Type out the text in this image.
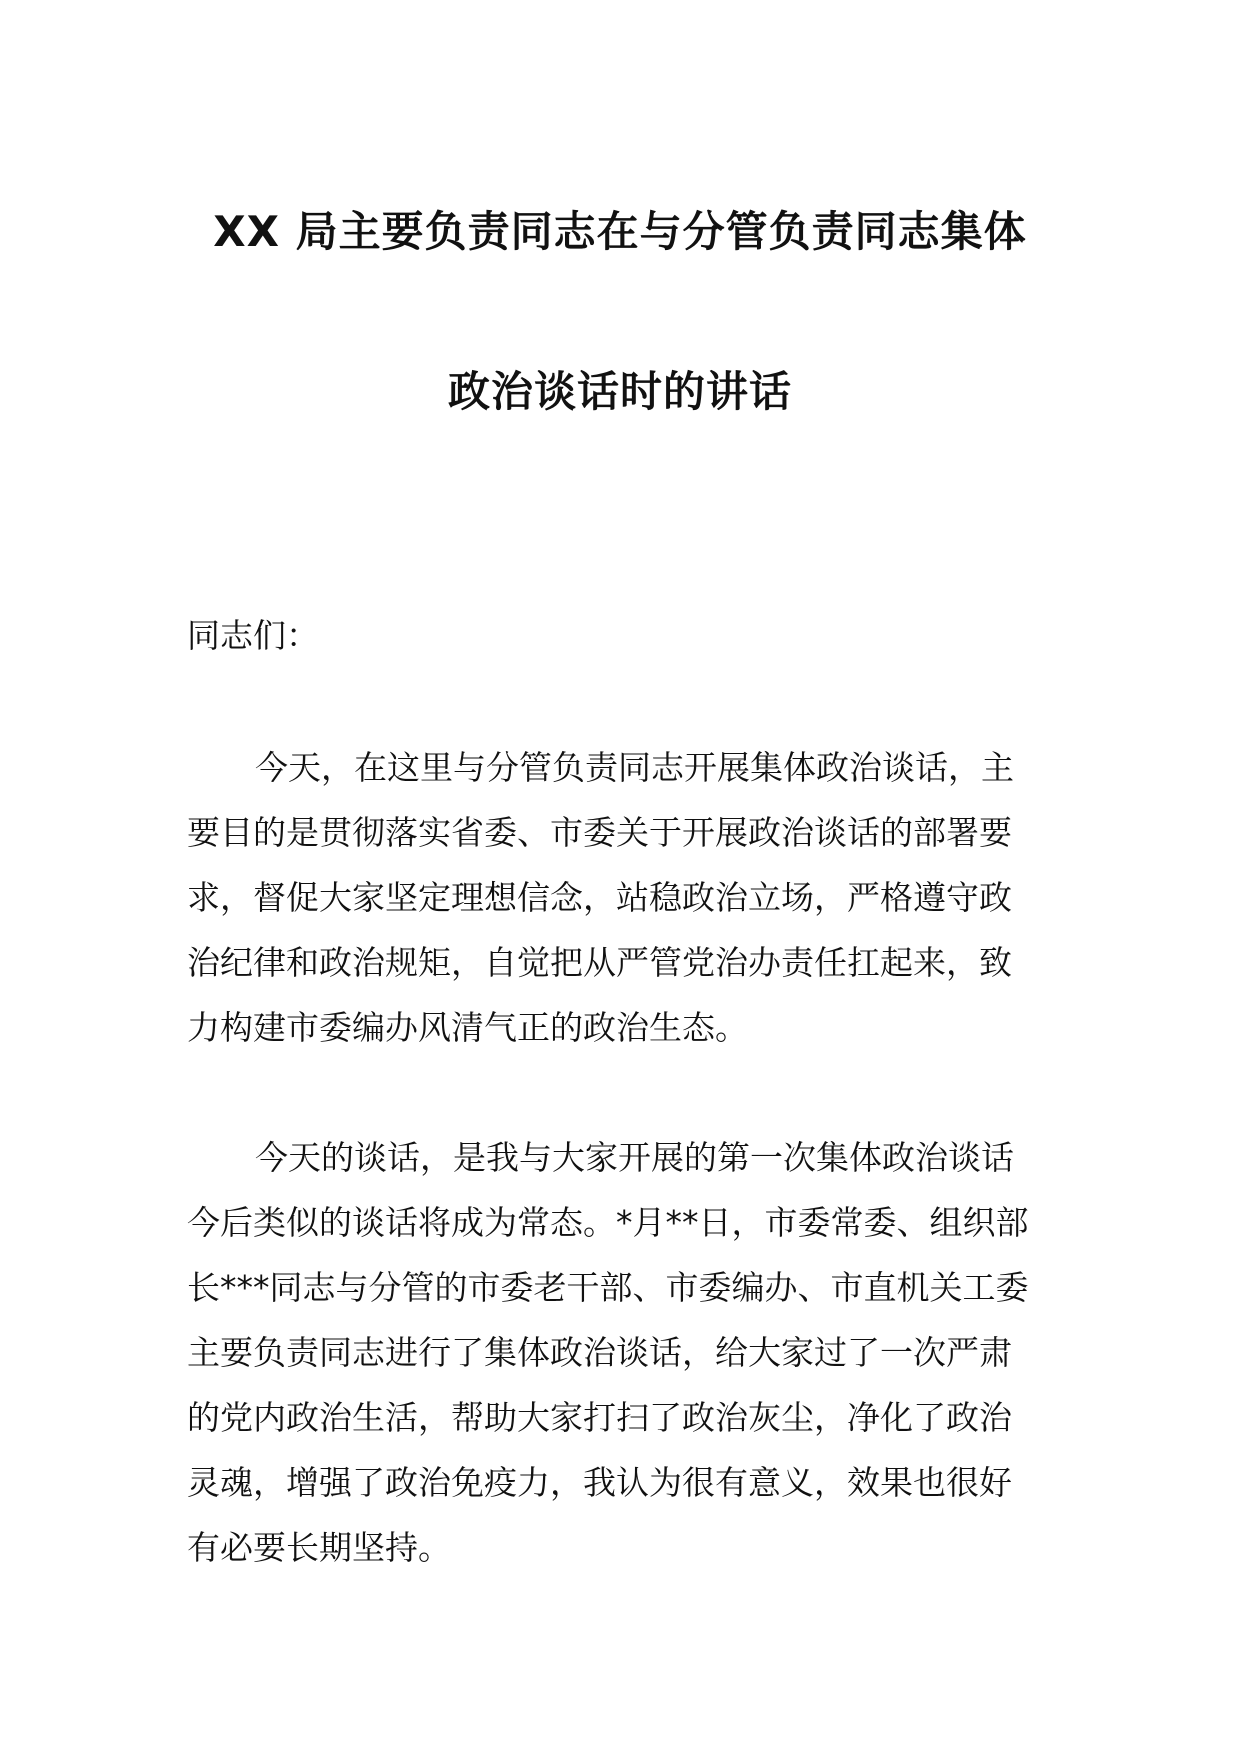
XX 局主要负责同志在与分管负责同志集体
政治谈话时的讲话
同志们：
今天，在这里与分管负责同志开展集体政治谈话，主
要目的是贯彻落实省委、市委关于开展政治谈话的部署要
求，督促大家坚定理想信念，站稳政治立场，严格遵守政
治纪律和政治规矩，自觉把从严管党治办责任扛起来，致
力构建市委编办风清气正的政治生态。
今天的谈话，是我与大家开展的第一次集体政治谈话
今后类似的谈话将成为常态。*月**日，市委常委、组织部
长***同志与分管的市委老干部、市委编办、市直机关工委
主要负责同志进行了集体政治谈话，给大家过了一次严肃
的党内政治生活，帮助大家打扫了政治灰尘，净化了政治
灵魂，增强了政治免疫力，我认为很有意义，效果也很好
有必要长期坚持。
